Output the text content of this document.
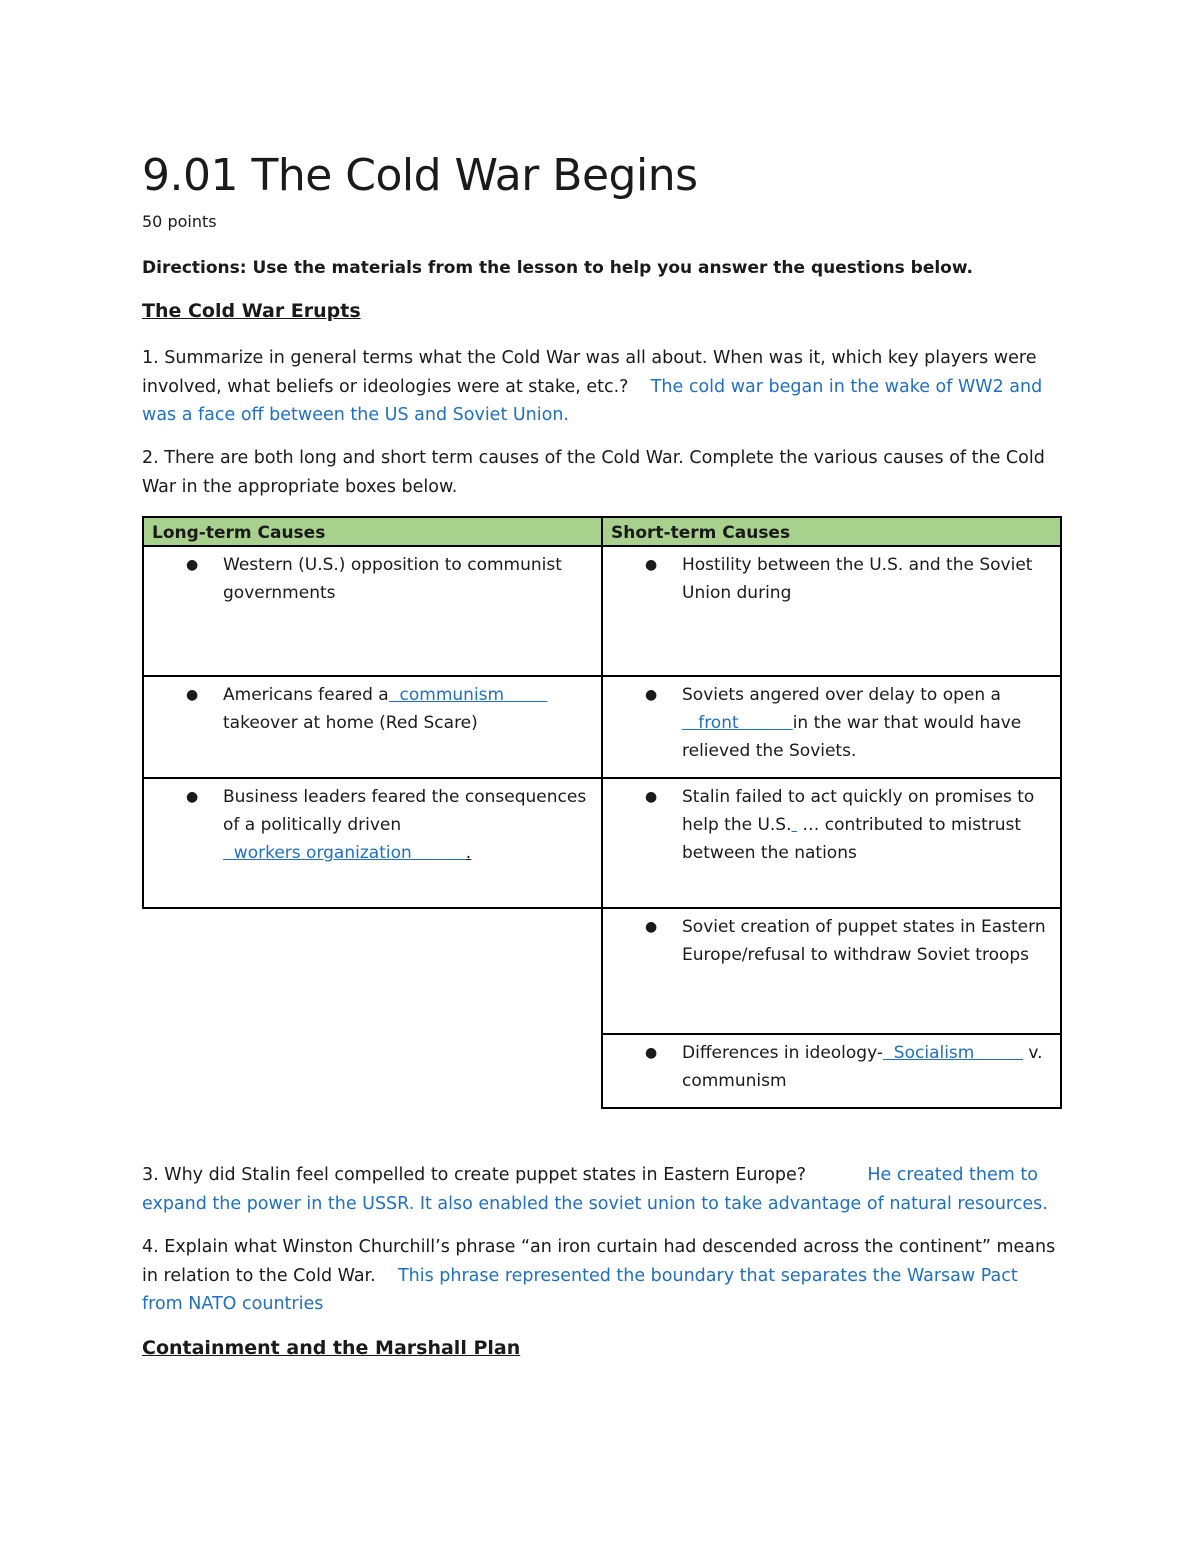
9.01 The Cold War Begins
50 points
Directions: Use the materials from the lesson to help you answer the questions below.
The Cold War Erupts
1. Summarize in general terms what the Cold War was all about. When was it, which key players were involved, what beliefs or ideologies were at stake, etc.? The cold war began in the wake of WW2 and was a face off between the US and Soviet Union.
2. There are both long and short term causes of the Cold War. Complete the various causes of the Cold War in the appropriate boxes below.
Long-term Causes	Short-term Causes

● Western (U.S.) opposition to communist governments	● Hostility between the U.S. and the Soviet Union during

● Americans feared a  communism         takeover at home (Red Scare)	● Soviets angered over delay to open a    front          in the war that would have relieved the Soviets.

● Business leaders feared the consequences of a politically driven   workers organization          .	● Stalin failed to act quickly on promises to help the U.S. … contributed to mistrust between the nations

	● Soviet creation of puppet states in Eastern Europe/refusal to withdraw Soviet troops

	● Differences in ideology-  Socialism          v. communism
3. Why did Stalin feel compelled to create puppet states in Eastern Europe?	He created them to expand the power in the USSR. It also enabled the soviet union to take advantage of natural resources.
4. Explain what Winston Churchill’s phrase “an iron curtain had descended across the continent” means in relation to the Cold War. This phrase represented the boundary that separates the Warsaw Pact from NATO countries
Containment and the Marshall Plan
